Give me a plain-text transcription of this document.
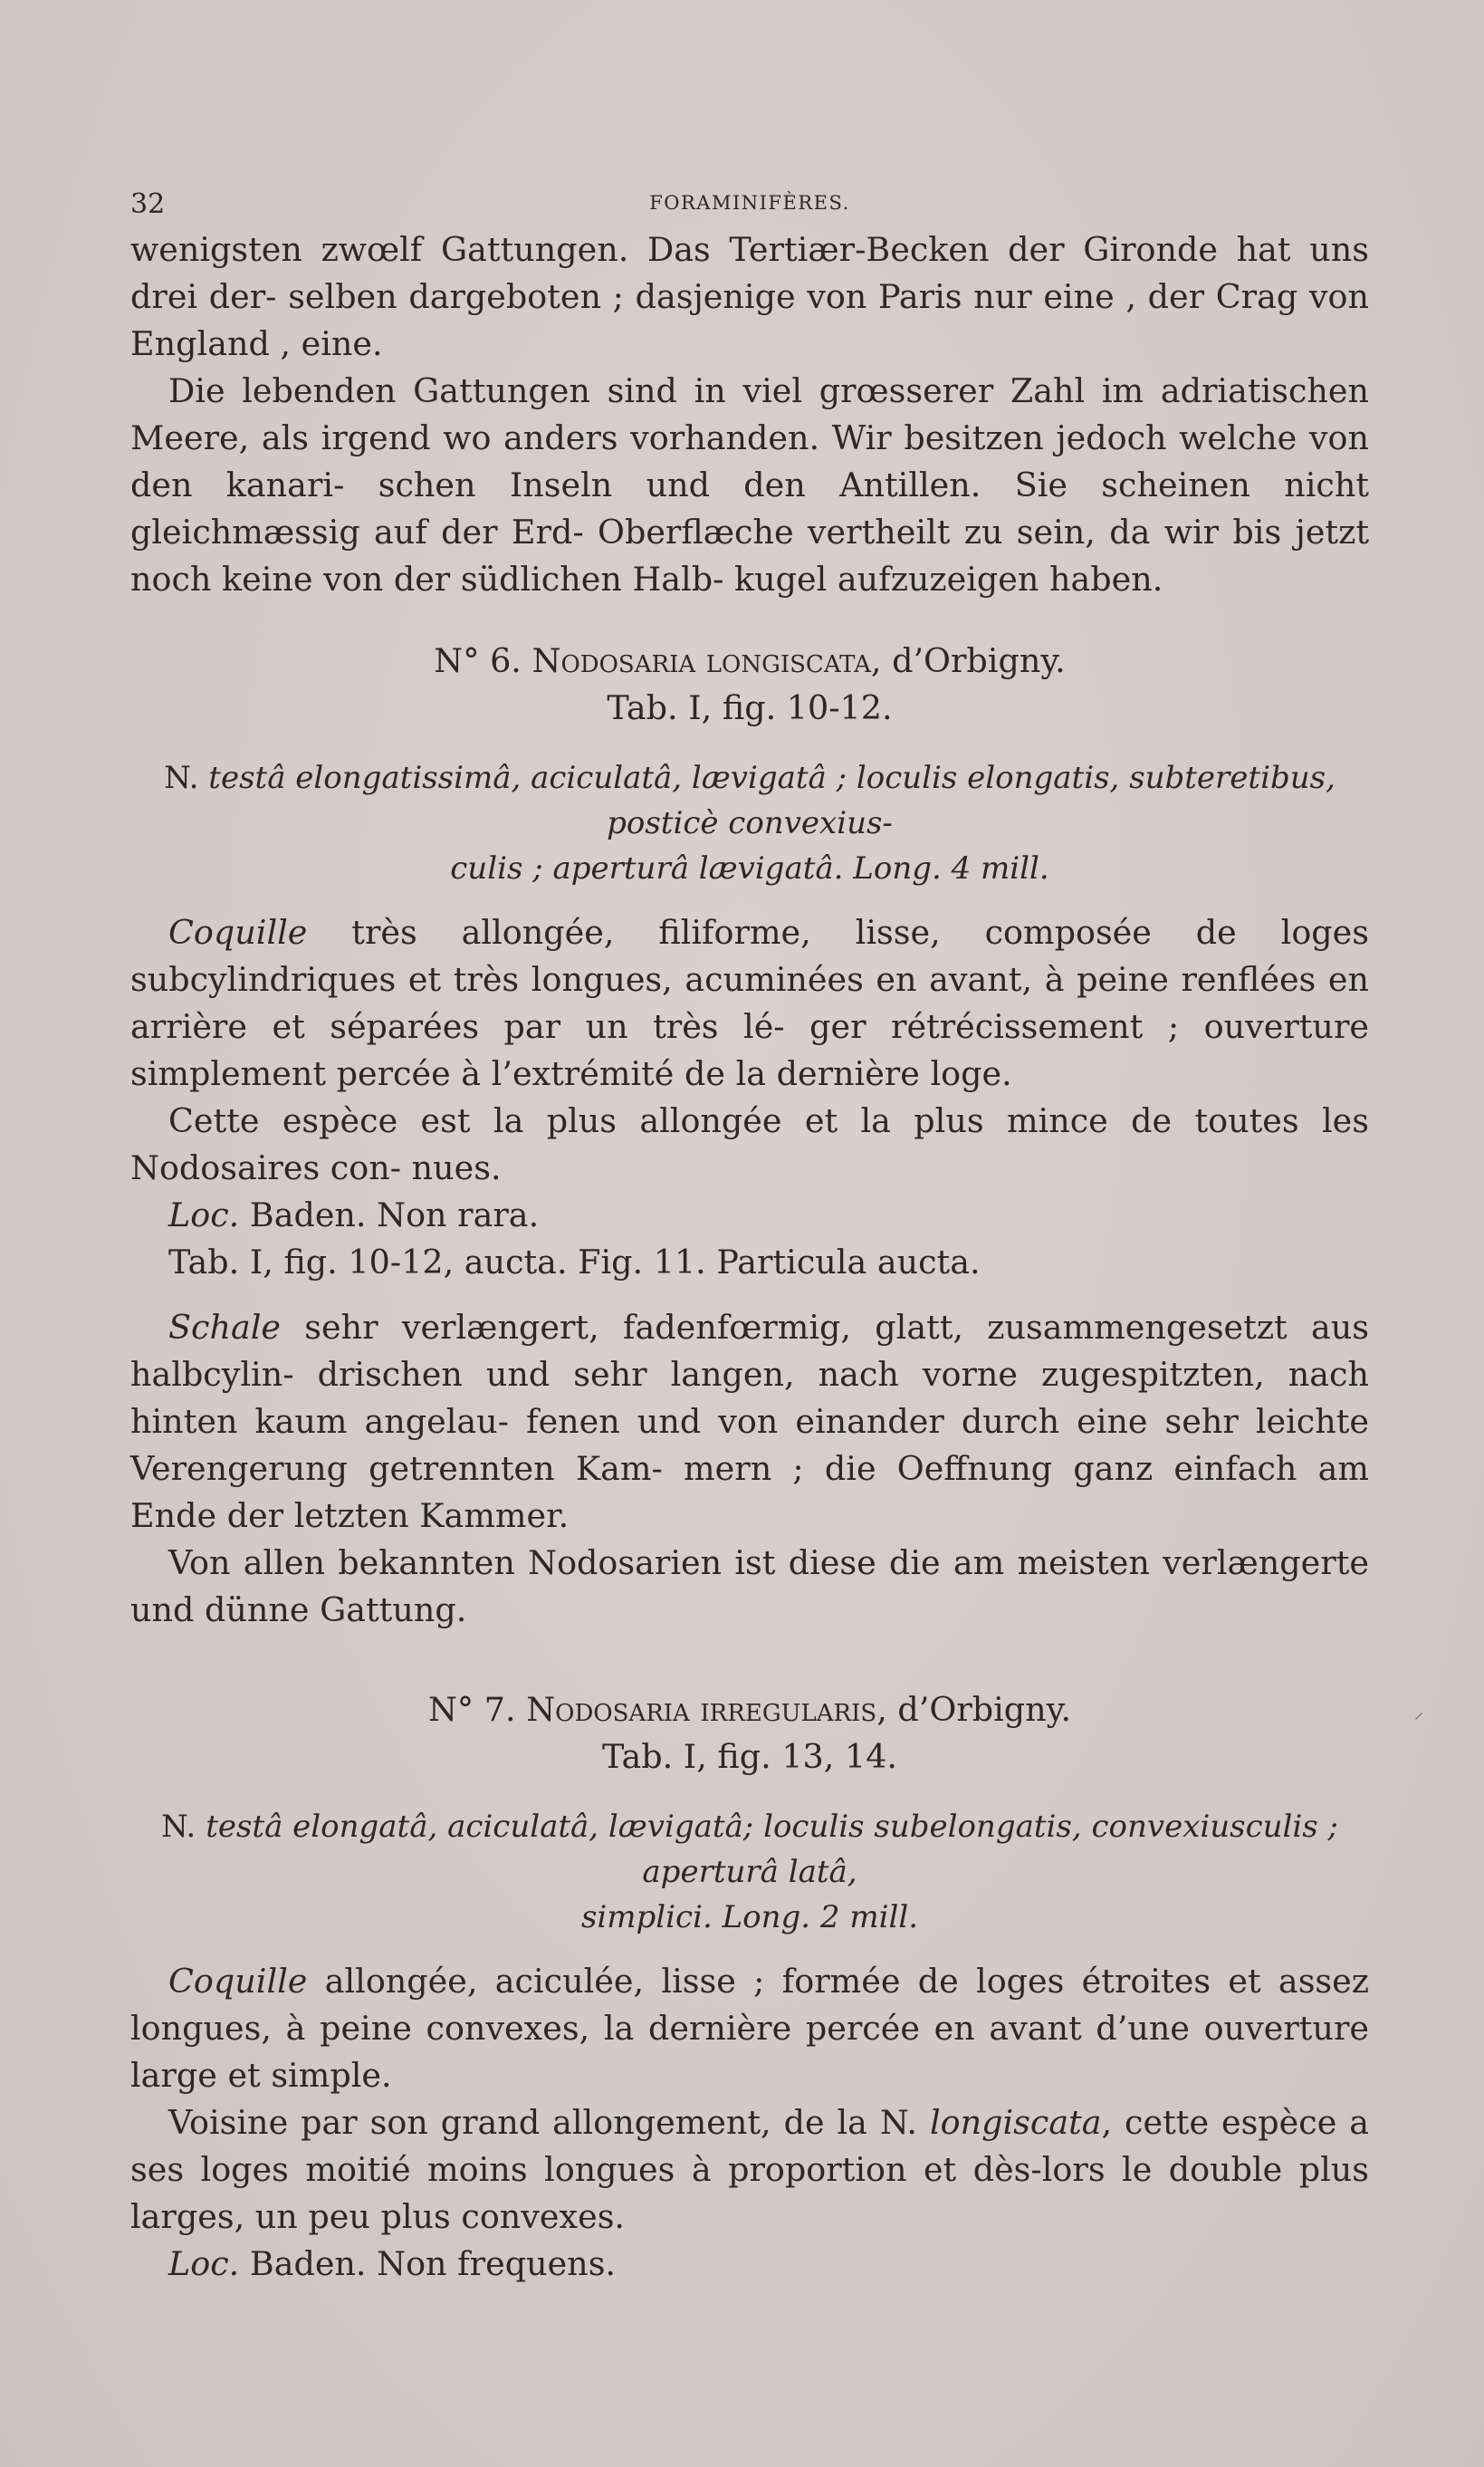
32	FORAMINIFÈRES.

wenigsten zwœlf Gattungen. Das Tertiær-Becken der Gironde hat uns drei der- selben dargeboten ; dasjenige von Paris nur eine , der Crag von England , eine.

Die lebenden Gattungen sind in viel grœsserer Zahl im adriatischen Meere, als irgend wo anders vorhanden. Wir besitzen jedoch welche von den kanari- schen Inseln und den Antillen. Sie scheinen nicht gleichmæssig auf der Erd- Oberflæche vertheilt zu sein, da wir bis jetzt noch keine von der südlichen Halb- kugel aufzuzeigen haben.

N° 6. Nodosaria longiscata, d’Orbigny.
Tab. I, fig. 10-12.
N. testâ elongatissimâ, aciculatâ, lævigatâ ; loculis elongatis, subteretibus, posticè convexius-
culis ; aperturâ lævigatâ. Long. 4 mill.

Coquille très allongée, filiforme, lisse, composée de loges subcylindriques et très longues, acuminées en avant, à peine renflées en arrière et séparées par un très lé- ger rétrécissement ; ouverture simplement percée à l’extrémité de la dernière loge.

Cette espèce est la plus allongée et la plus mince de toutes les Nodosaires con- nues.

Loc. Baden. Non rara.

Tab. I, fig. 10-12, aucta. Fig. 11. Particula aucta.

Schale sehr verlængert, fadenfœrmig, glatt, zusammengesetzt aus halbcylin- drischen und sehr langen, nach vorne zugespitzten, nach hinten kaum angelau- fenen und von einander durch eine sehr leichte Verengerung getrennten Kam- mern ; die Oeffnung ganz einfach am Ende der letzten Kammer.

Von allen bekannten Nodosarien ist diese die am meisten verlængerte und dünne Gattung.

N° 7. Nodosaria irregularis, d’Orbigny.
Tab. I, fig. 13, 14.
N. testâ elongatâ, aciculatâ, lævigatâ; loculis subelongatis, convexiusculis ; aperturâ latâ,
simplici. Long. 2 mill.

Coquille allongée, aciculée, lisse ; formée de loges étroites et assez longues, à peine convexes, la dernière percée en avant d’une ouverture large et simple.

Voisine par son grand allongement, de la N. longiscata, cette espèce a ses loges moitié moins longues à proportion et dès-lors le double plus larges, un peu plus convexes.

Loc. Baden. Non frequens.

⸝
